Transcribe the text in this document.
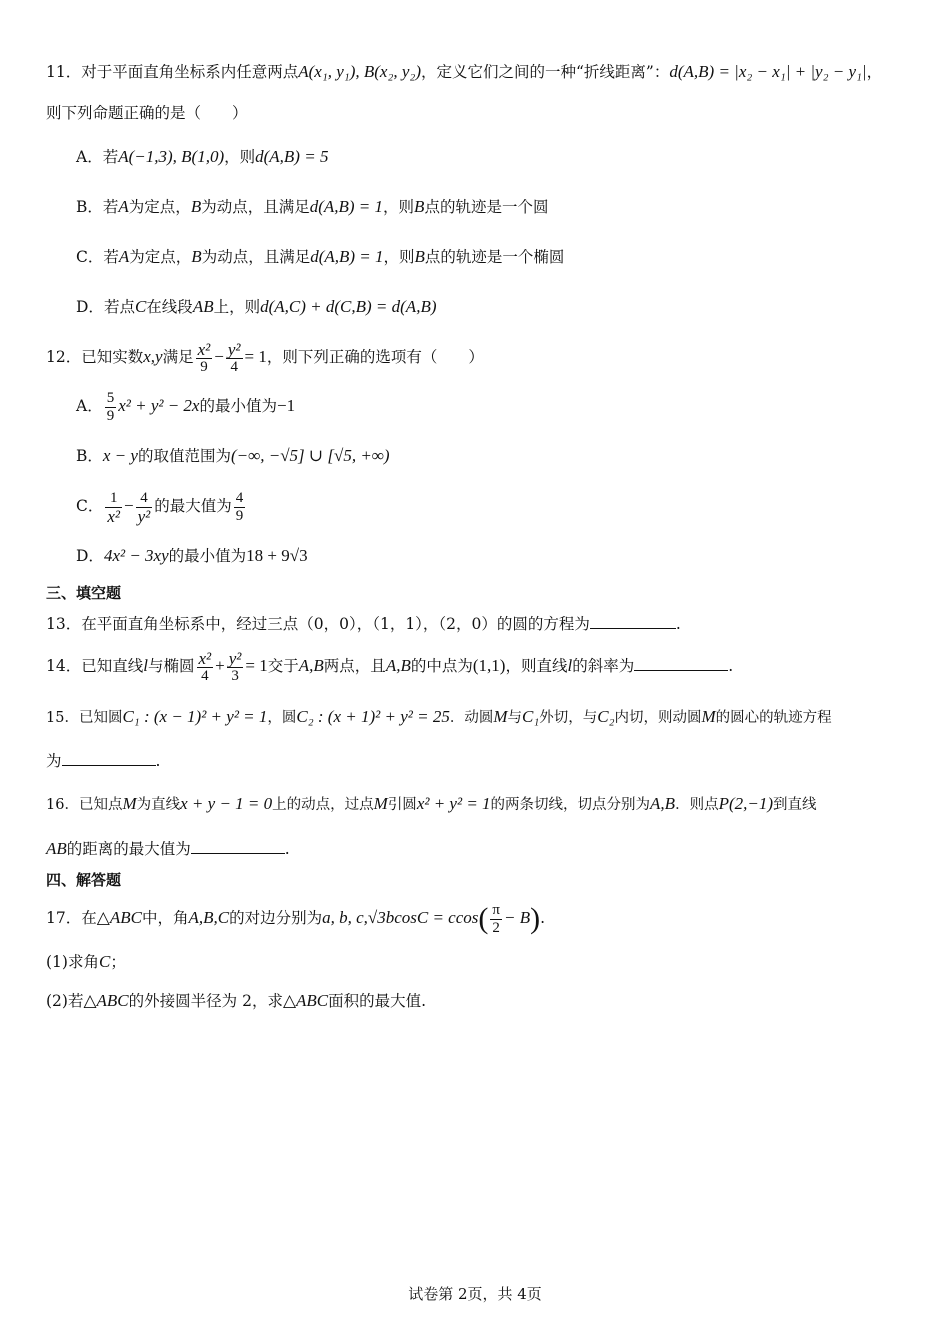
11．对于平面直角坐标系内任意两点A(x₁, y₁), B(x₂, y₂)，定义它们之间的一种“折线距离”：d(A,B) = |x₂ − x₁| + |y₂ − y₁|，
则下列命题正确的是（　　）
A．若A(−1,3), B(1,0)，则d(A,B) = 5
B．若A为定点，B为动点，且满足d(A,B) = 1，则B点的轨迹是一个圆
C．若A为定点，B为动点，且满足d(A,B) = 1，则B点的轨迹是一个椭圆
D．若点C在线段AB上，则d(A,C) + d(C,B) = d(A,B)
12．已知实数x,y满足 $\frac{\text{x²}}{9} - \frac{\text{y²}}{4} = 1$，则下列正确的选项有（　　）
A． $\frac{5}{9} x^2 + y^2 - 2x$的最小值为−1
B．x − y的取值范围为(−∞, −√5] ∪ [√5, +∞)
C． $\frac{1}{\text{x²}} - \frac{4}{\text{y²}}$ 的最大值为 $\frac{4}{9}$
D．4x² − 3xy的最小值为18 + 9√3
三、填空题
13．在平面直角坐标系中，经过三点（0，0），（1，1），（2，0）的圆的方程为	.
14．已知直线l与椭圆 $\frac{\text{x²}}{4} + \frac{\text{y²}}{3} = 1$交于A,B两点，且A,B的中点为(1,1)，则直线l的斜率为	.
15．已知圆C₁ : (x − 1)² + y² = 1，圆C₂ : (x + 1)² + y² = 25．动圆M与C₁外切，与C₂内切，则动圆M的圆心的轨迹方程
为	.
16．已知点M为直线x + y − 1 = 0上的动点，过点M引圆x² + y² = 1的两条切线，切点分别为A,B．则点P(2,−1)到直线
AB的距离的最大值为	.
四、解答题
17．在△ABC中，角A,B,C的对边分别为a, b, $c,√3bcosC = ccos( \frac{\pi}{2} - B)$.
(1)求角C；
(2)若△ABC的外接圆半径为 2，求△ABC面积的最大值.
试卷第 2页，共 4页
